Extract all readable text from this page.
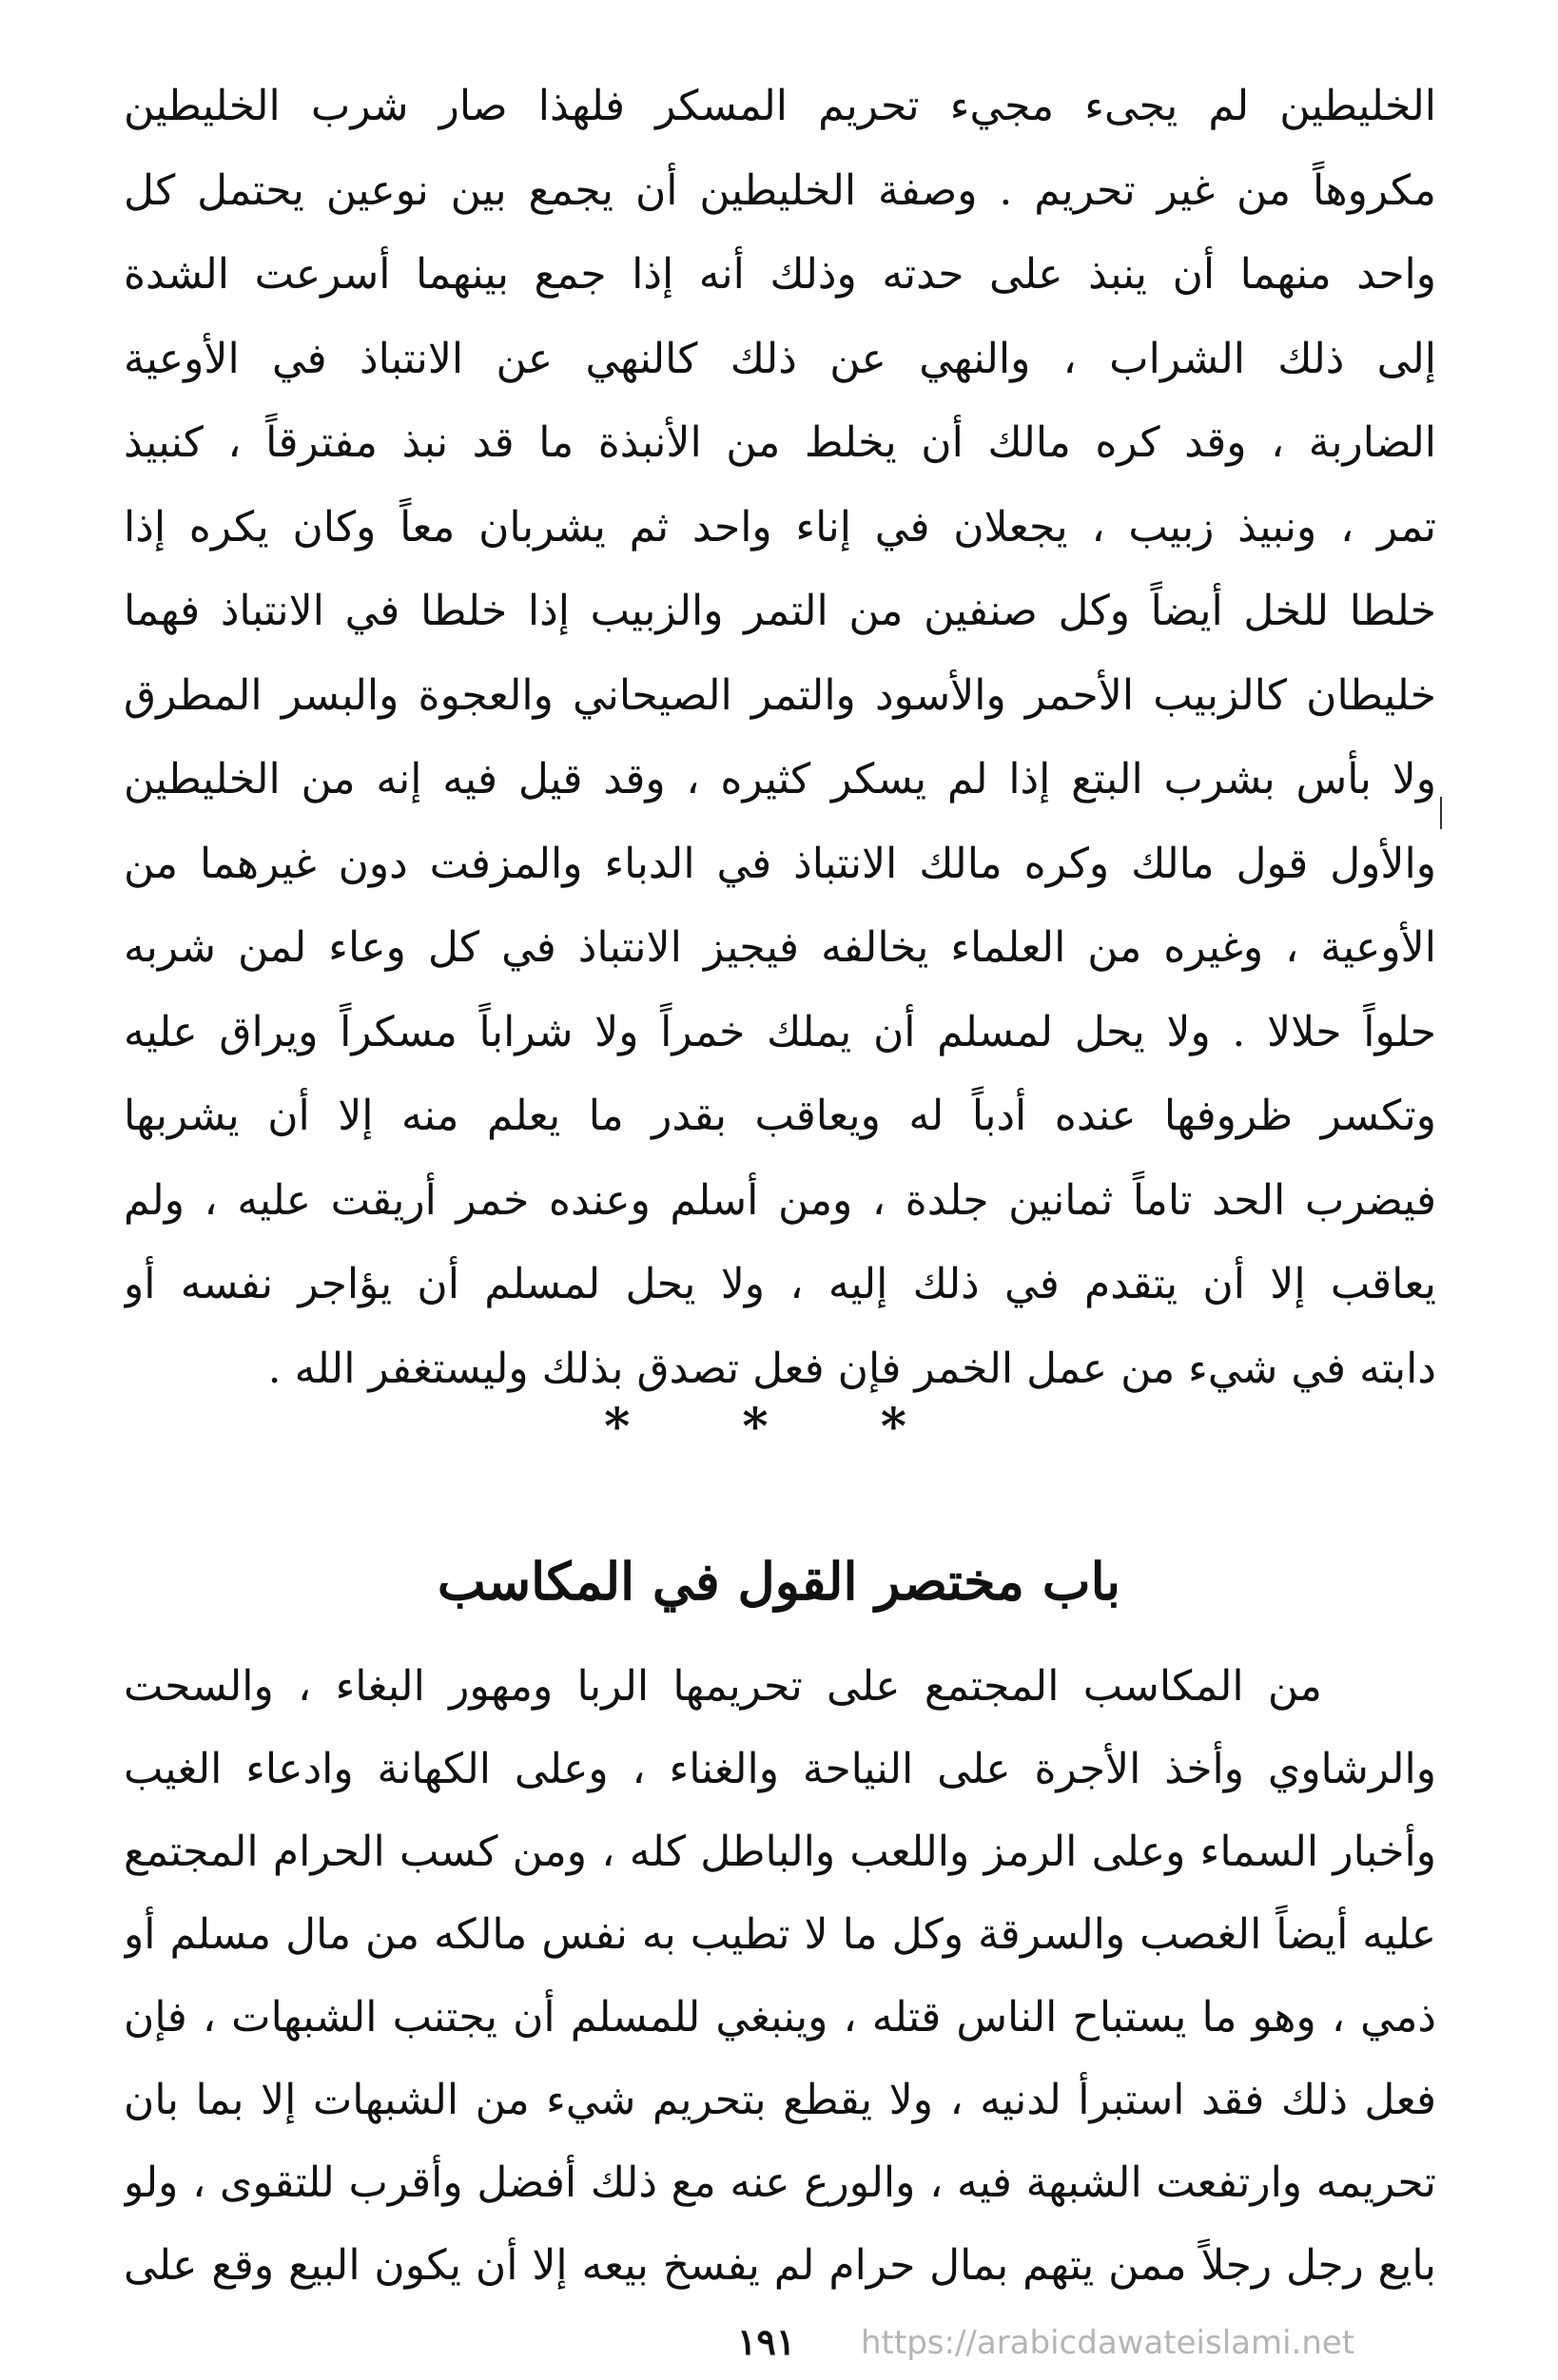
الخليطين لم يجىء مجيء تحريم المسكر فلهذا صار شرب الخليطين
مكروهاً من غير تحريم . وصفة الخليطين أن يجمع بين نوعين يحتمل كل
واحد منهما أن ينبذ على حدته وذلك أنه إذا جمع بينهما أسرعت الشدة
إلى ذلك الشراب ، والنهي عن ذلك كالنهي عن الانتباذ في الأوعية
الضاربة ، وقد كره مالك أن يخلط من الأنبذة ما قد نبذ مفترقاً ، كنبيذ
تمر ، ونبيذ زبيب ، يجعلان في إناء واحد ثم يشربان معاً وكان يكره إذا
خلطا للخل أيضاً وكل صنفين من التمر والزبيب إذا خلطا في الانتباذ فهما
خليطان كالزبيب الأحمر والأسود والتمر الصيحاني والعجوة والبسر المطرق
ولا بأس بشرب البتع إذا لم يسكر كثيره ، وقد قيل فيه إنه من الخليطين
والأول قول مالك وكره مالك الانتباذ في الدباء والمزفت دون غيرهما من
الأوعية ، وغيره من العلماء يخالفه فيجيز الانتباذ في كل وعاء لمن شربه
حلواً حلالا . ولا يحل لمسلم أن يملك خمراً ولا شراباً مسكراً ويراق عليه
وتكسر ظروفها عنده أدباً له ويعاقب بقدر ما يعلم منه إلا أن يشربها
فيضرب الحد تاماً ثمانين جلدة ، ومن أسلم وعنده خمر أريقت عليه ، ولم
يعاقب إلا أن يتقدم في ذلك إليه ، ولا يحل لمسلم أن يؤاجر نفسه أو
دابته في شيء من عمل الخمر فإن فعل تصدق بذلك وليستغفر الله .
* * *
باب مختصر القول في المكاسب
من المكاسب المجتمع على تحريمها الربا ومهور البغاء ، والسحت
والرشاوي وأخذ الأجرة على النياحة والغناء ، وعلى الكهانة وادعاء الغيب
وأخبار السماء وعلى الرمز واللعب والباطل كله ، ومن كسب الحرام المجتمع
عليه أيضاً الغصب والسرقة وكل ما لا تطيب به نفس مالكه من مال مسلم أو
ذمي ، وهو ما يستباح الناس قتله ، وينبغي للمسلم أن يجتنب الشبهات ، فإن
فعل ذلك فقد استبرأ لدنيه ، ولا يقطع بتحريم شيء من الشبهات إلا بما بان
تحريمه وارتفعت الشبهة فيه ، والورع عنه مع ذلك أفضل وأقرب للتقوى ، ولو
بايع رجل رجلاً ممن يتهم بمال حرام لم يفسخ بيعه إلا أن يكون البيع وقع على
١٩١ https://arabicdawateislami.net
